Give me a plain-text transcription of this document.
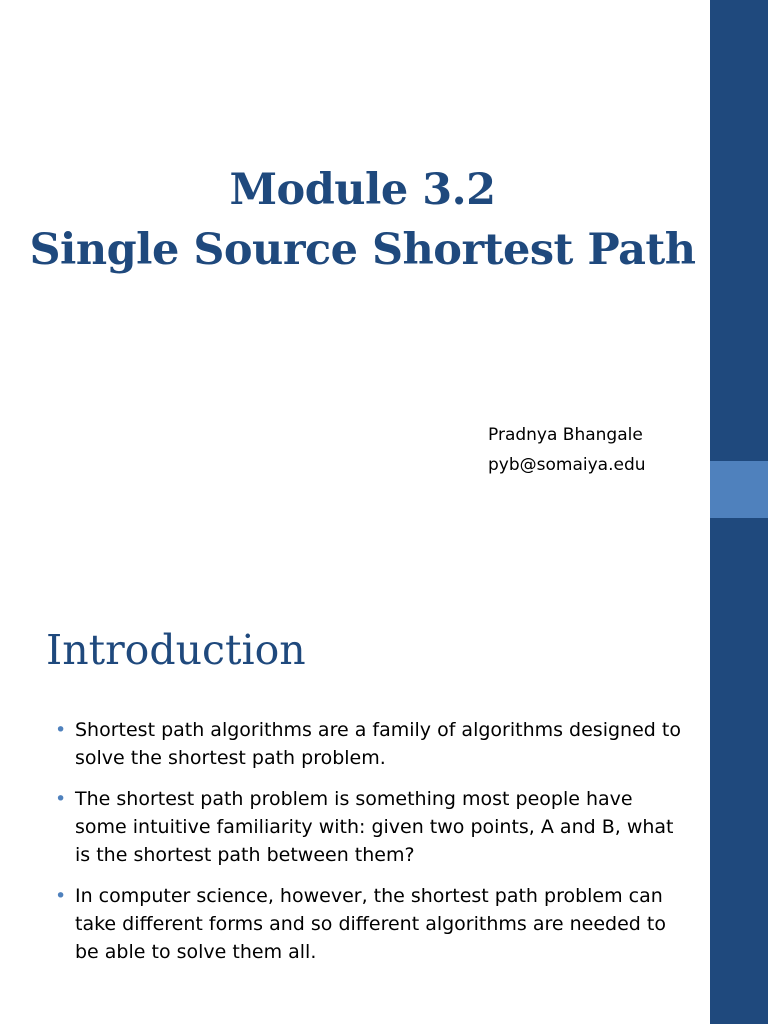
Module 3.2
Single Source Shortest Path
Pradnya Bhangale
pyb@somaiya.edu
Introduction
• Shortest path algorithms are a family of algorithms designed to solve the shortest path problem.
• The shortest path problem is something most people have some intuitive familiarity with: given two points, A and B, what is the shortest path between them?
• In computer science, however, the shortest path problem can take different forms and so different algorithms are needed to be able to solve them all.
